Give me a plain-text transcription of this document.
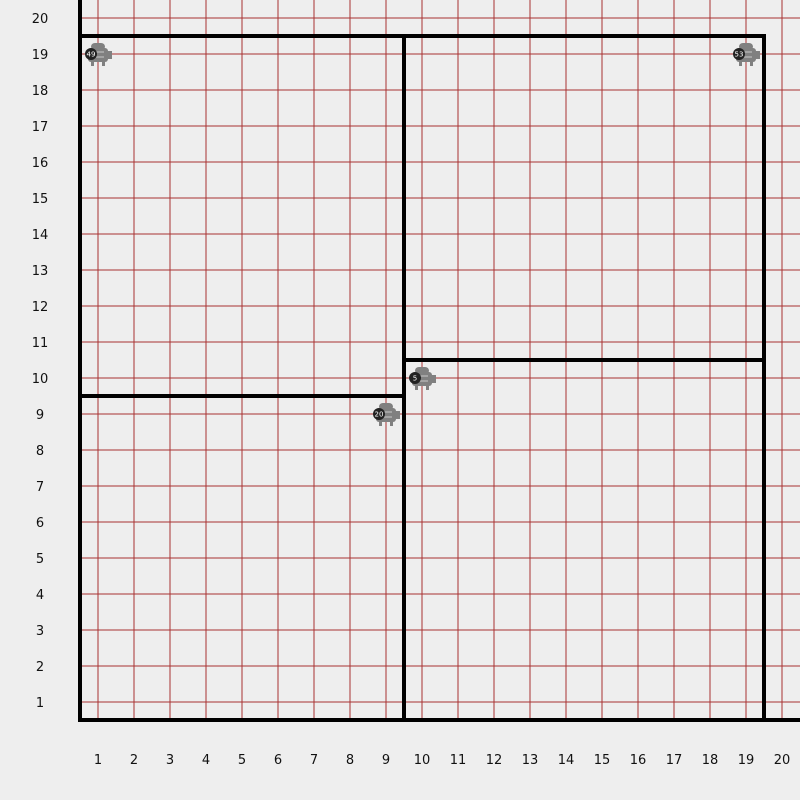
49	53
5
20
1 2 3 4 5 6 7 8 9 10 11 12 13 14 15 16 17 18 19 20
1
2
3
4
5
6
7
8
9
10
11
12
13
14
15
16
17
18
19
20
